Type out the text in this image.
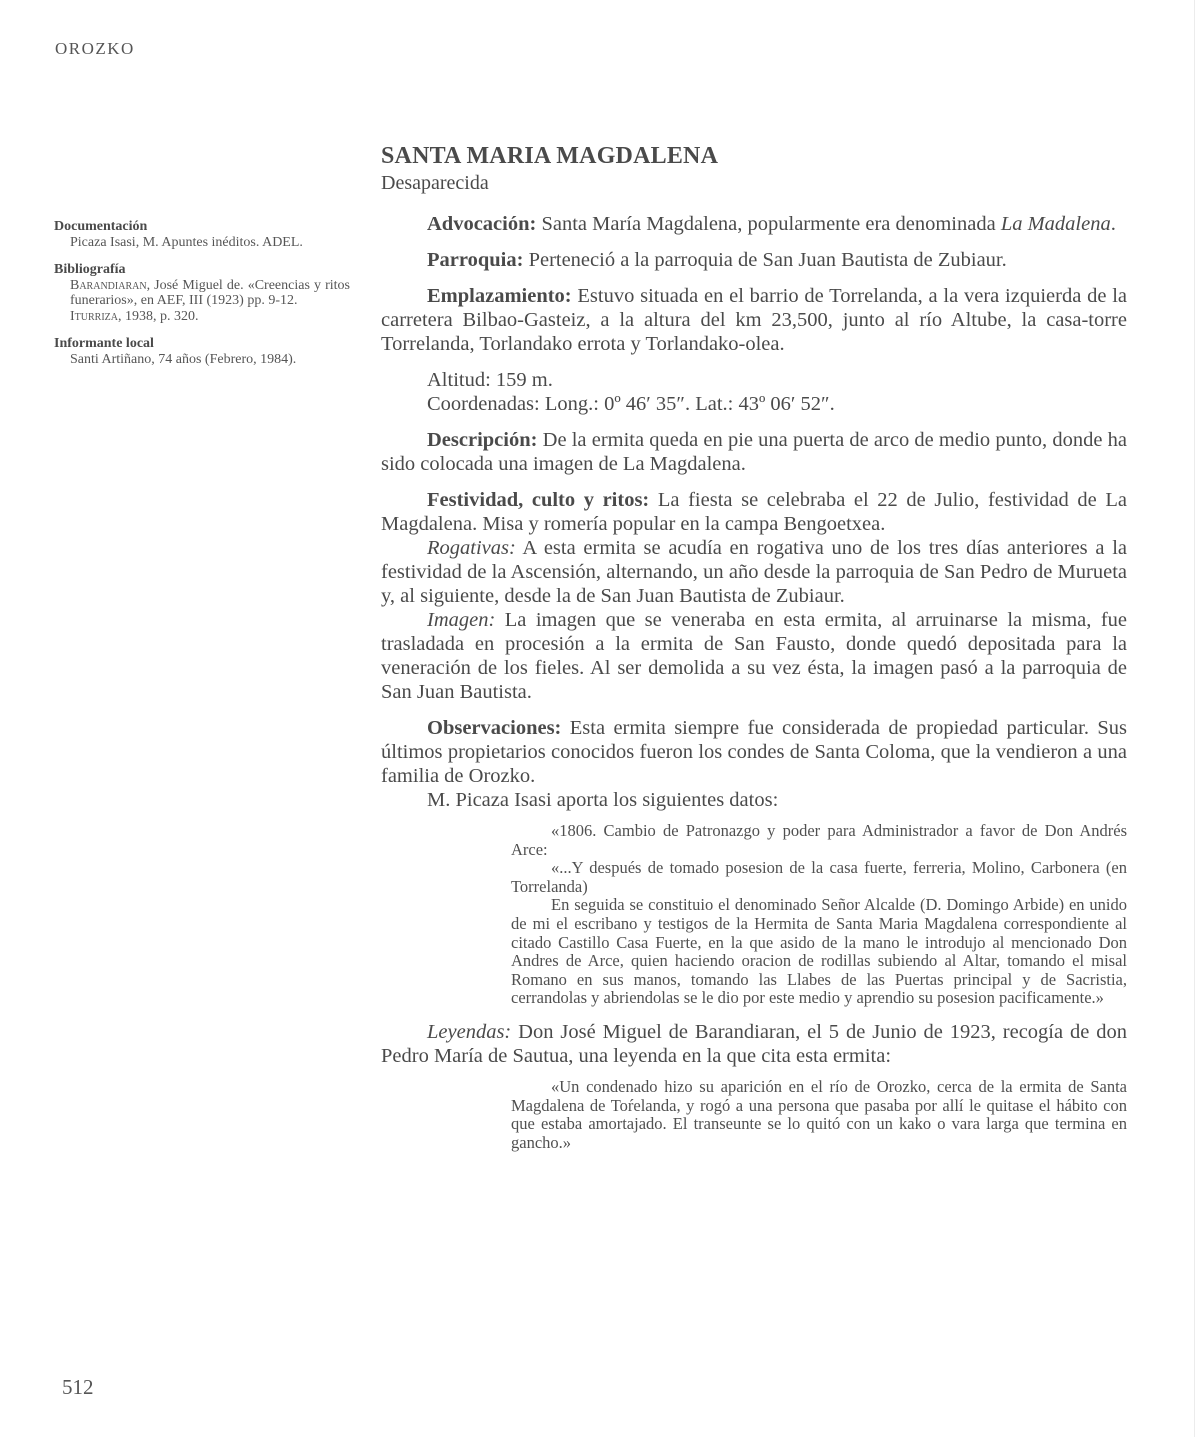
OROZKO
Documentación

Picaza Isasi, M. Apuntes inéditos. ADEL.

Bibliografía

Barandiaran, José Miguel de. «Creencias y ritos funerarios», en AEF, III (1923) pp. 9-12.

Iturriza, 1938, p. 320.

Informante local

Santi Artiñano, 74 años (Febrero, 1984).

SANTA MARIA MAGDALENA
Desaparecida

Advocación: Santa María Magdalena, popularmente era denominada La Madalena.

Parroquia: Perteneció a la parroquia de San Juan Bautista de Zubiaur.

Emplazamiento: Estuvo situada en el barrio de Torrelanda, a la vera izquierda de la carretera Bilbao-Gasteiz, a la altura del km 23,500, junto al río Altube, la casa-torre Torrelanda, Torlandako errota y Torlandako-olea.

Altitud: 159 m.

Coordenadas: Long.: 0º 46′ 35″. Lat.: 43º 06′ 52″.

Descripción: De la ermita queda en pie una puerta de arco de medio punto, donde ha sido colocada una imagen de La Magdalena.

Festividad, culto y ritos: La fiesta se celebraba el 22 de Julio, festividad de La Magdalena. Misa y romería popular en la campa Bengoetxea.

Rogativas: A esta ermita se acudía en rogativa uno de los tres días anteriores a la festividad de la Ascensión, alternando, un año desde la parroquia de San Pedro de Murueta y, al siguiente, desde la de San Juan Bautista de Zubiaur.

Imagen: La imagen que se veneraba en esta ermita, al arruinarse la misma, fue trasladada en procesión a la ermita de San Fausto, donde quedó depositada para la veneración de los fieles. Al ser demolida a su vez ésta, la imagen pasó a la parroquia de San Juan Bautista.

Observaciones: Esta ermita siempre fue considerada de propiedad particular. Sus últimos propietarios conocidos fueron los condes de Santa Coloma, que la vendieron a una familia de Orozko.

M. Picaza Isasi aporta los siguientes datos:

«1806. Cambio de Patronazgo y poder para Administrador a favor de Don Andrés Arce:

«...Y después de tomado posesion de la casa fuerte, ferreria, Molino, Carbonera (en Torrelanda)

En seguida se constituio el denominado Señor Alcalde (D. Domingo Arbide) en unido de mi el escribano y testigos de la Hermita de Santa Maria Magdalena correspondiente al citado Castillo Casa Fuerte, en la que asido de la mano le introdujo al mencionado Don Andres de Arce, quien haciendo oracion de rodillas subiendo al Altar, tomando el misal Romano en sus manos, tomando las Llabes de las Puertas principal y de Sacristia, cerrandolas y abriendolas se le dio por este medio y aprendio su posesion pacificamente.»

Leyendas: Don José Miguel de Barandiaran, el 5 de Junio de 1923, recogía de don Pedro María de Sautua, una leyenda en la que cita esta ermita:

«Un condenado hizo su aparición en el río de Orozko, cerca de la ermita de Santa Magdalena de Toŕelanda, y rogó a una persona que pasaba por allí le quitase el hábito con que estaba amortajado. El transeunte se lo quitó con un kako o vara larga que termina en gancho.»

512
